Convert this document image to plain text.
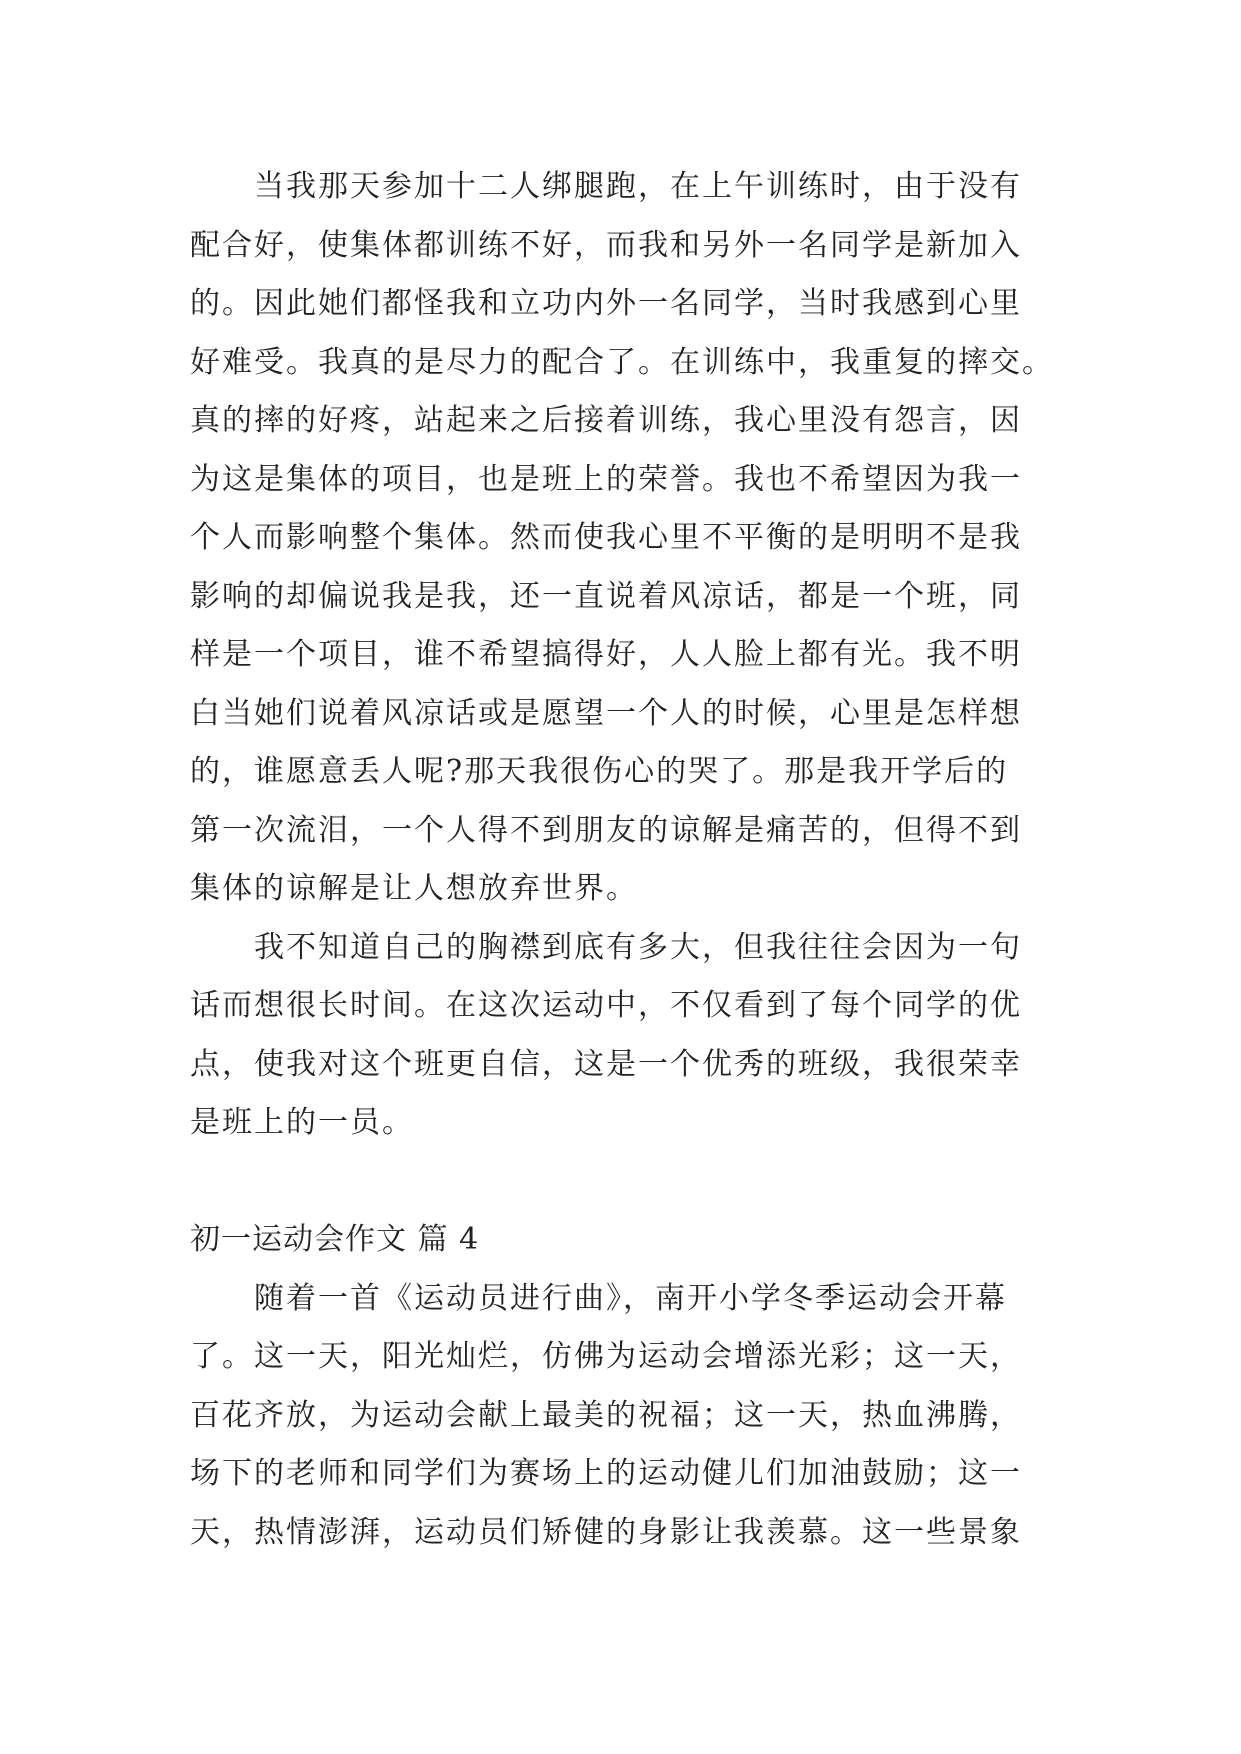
当我那天参加十二人绑腿跑，在上午训练时，由于没有
配合好，使集体都训练不好，而我和另外一名同学是新加入
的。因此她们都怪我和立功内外一名同学，当时我感到心里
好难受。我真的是尽力的配合了。在训练中，我重复的摔交。
真的摔的好疼，站起来之后接着训练，我心里没有怨言，因
为这是集体的项目，也是班上的荣誉。我也不希望因为我一
个人而影响整个集体。然而使我心里不平衡的是明明不是我
影响的却偏说我是我，还一直说着风凉话，都是一个班，同
样是一个项目，谁不希望搞得好，人人脸上都有光。我不明
白当她们说着风凉话或是愿望一个人的时候，心里是怎样想
的，谁愿意丢人呢?那天我很伤心的哭了。那是我开学后的
第一次流泪，一个人得不到朋友的谅解是痛苦的，但得不到
集体的谅解是让人想放弃世界。
我不知道自己的胸襟到底有多大，但我往往会因为一句
话而想很长时间。在这次运动中，不仅看到了每个同学的优
点，使我对这个班更自信，这是一个优秀的班级，我很荣幸
是班上的一员。
初一运动会作文 篇 4
随着一首《运动员进行曲》，南开小学冬季运动会开幕
了。这一天，阳光灿烂，仿佛为运动会增添光彩；这一天，
百花齐放，为运动会献上最美的祝福；这一天，热血沸腾，
场下的老师和同学们为赛场上的运动健儿们加油鼓励；这一
天，热情澎湃，运动员们矫健的身影让我羡慕。这一些景象
